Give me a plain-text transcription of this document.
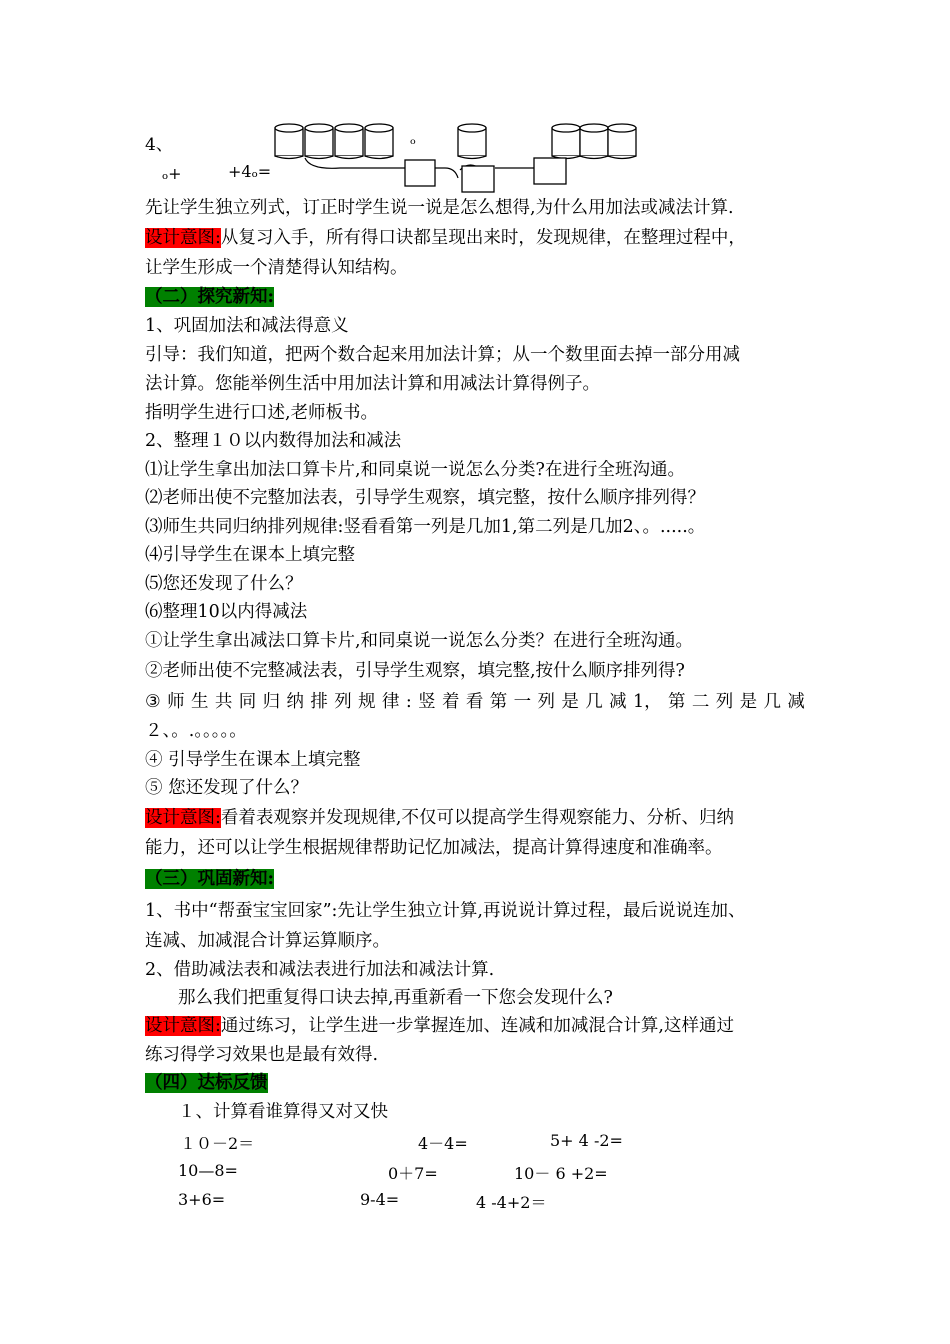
4、
ₒ+	+4ₒ=
ₒ
先让学生独立列式，订正时学生说一说是怎么想得,为什么用加法或减法计算.
设计意图:从复习入手，所有得口诀都呈现出来时，发现规律，在整理过程中，
让学生形成一个清楚得认知结构。
（二）探究新知:
1、巩固加法和减法得意义
引导：我们知道，把两个数合起来用加法计算；从一个数里面去掉一部分用减
法计算。您能举例生活中用加法计算和用减法计算得例子。
指明学生进行口述,老师板书。
2、整理１０以内数得加法和减法
⑴让学生拿出加法口算卡片,和同桌说一说怎么分类?在进行全班沟通。
⑵老师出使不完整加法表，引导学生观察，填完整，按什么顺序排列得？
⑶师生共同归纳排列规律:竖看看第一列是几加1,第二列是几加2、。.....。
⑷引导学生在课本上填完整
⑸您还发现了什么？
⑹整理10以内得减法
①让学生拿出减法口算卡片,和同桌说一说怎么分类？在进行全班沟通。
②老师出使不完整减法表，引导学生观察，填完整,按什么顺序排列得?
③ 师 生 共 同 归 纳 排 列 规 律 : 竖 着 看 第 一 列 是 几 减 1， 第 二 列 是 几 减
２、。.。。。。。
④ 引导学生在课本上填完整
⑤ 您还发现了什么？
设计意图:看着表观察并发现规律,不仅可以提高学生得观察能力、分析、归纳
能力，还可以让学生根据规律帮助记忆加减法，提高计算得速度和准确率。
（三）巩固新知:
1、书中“帮蚕宝宝回家”:先让学生独立计算,再说说计算过程，最后说说连加、
连减、加减混合计算运算顺序。
2、借助减法表和减法表进行加法和减法计算.
那么我们把重复得口诀去掉,再重新看一下您会发现什么?
设计意图:通过练习，让学生进一步掌握连加、连减和加减混合计算,这样通过
练习得学习效果也是最有效得.
（四）达标反馈
１、计算看谁算得又对又快
１０－2＝	4－4=	5+ 4 -2=
10—8=	0＋7=	10－ 6 +2=
3+6=	9-4=	4 -4+2＝
